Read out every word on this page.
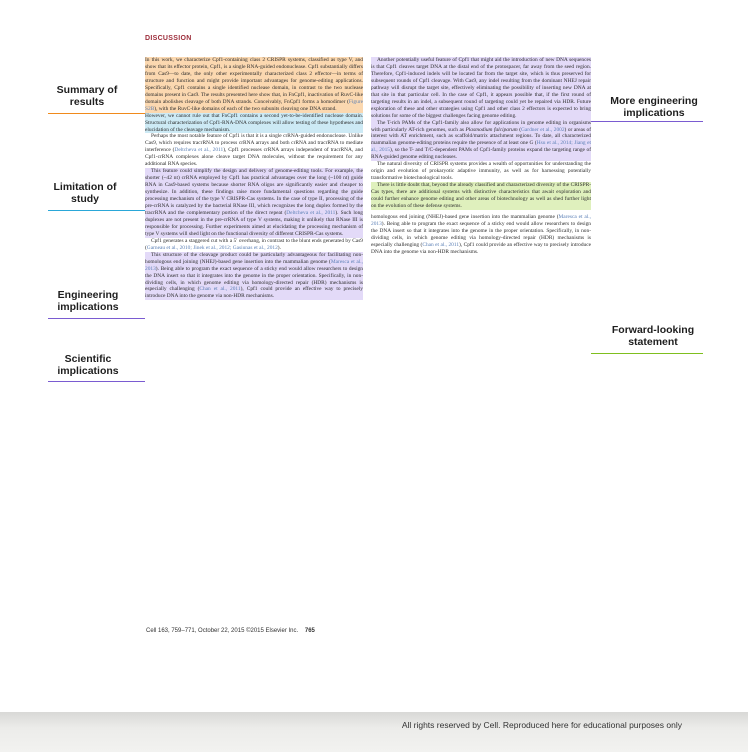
DISCUSSION

In this work, we characterize Cpf1-containing class 2 CRISPR systems, classified as type V, and show that its effector protein, Cpf1, is a single RNA-guided endonuclease. Cpf1 substantially differs from Cas9—to date, the only other experimentally characterized class 2 effector—in terms of structure and function and might provide important advantages for genome-editing applications. Specifically, Cpf1 contains a single identified nuclease domain, in contrast to the two nuclease domains present in Cas9. The results presented here show that, in FnCpf1, inactivation of RuvC-like domain abolishes cleavage of both DNA strands. Conceivably, FnCpf1 forms a homodimer (Figure S2B), with the RuvC-like domains of each of the two subunits cleaving one DNA strand.
However, we cannot rule out that FnCpf1 contains a second yet-to-be-identified nuclease domain. Structural characterization of Cpf1-RNA-DNA complexes will allow testing of these hypotheses and elucidation of the cleavage mechanism.

Perhaps the most notable feature of Cpf1 is that it is a single crRNA-guided endonuclease. Unlike Cas9, which requires tracrRNA to process crRNA arrays and both crRNA and tracrRNA to mediate interference (Deltcheva et al., 2011), Cpf1 processes crRNA arrays independent of tracrRNA, and Cpf1-crRNA complexes alone cleave target DNA molecules, without the requirement for any additional RNA species.
This feature could simplify the design and delivery of genome-editing tools. For example, the shorter (~42 nt) crRNA employed by Cpf1 has practical advantages over the long (~100 nt) guide RNA in Cas9-based systems because shorter RNA oligos are significantly easier and cheaper to synthesize. In addition, these findings raise more fundamental questions regarding the guide processing mechanism of the type V CRISPR-Cas systems. In the case of type II, processing of the pre-crRNA is catalyzed by the bacterial RNase III, which recognizes the long duplex formed by the tracrRNA and the complementary portion of the direct repeat (Deltcheva et al., 2011). Such long duplexes are not present in the pre-crRNA of type V systems, making it unlikely that RNase III is responsible for processing. Further experiments aimed at elucidating the processing mechanism of type V systems will shed light on the functional diversity of different CRISPR-Cas systems.

Cpf1 generates a staggered cut with a 5′ overhang, in contrast to the blunt ends generated by Cas9 (Garneau et al., 2010; Jinek et al., 2012; Gasiunas et al., 2012).
This structure of the cleavage product could be particularly advantageous for facilitating non-homologous end joining (NHEJ)-based gene insertion into the mammalian genome (Maresca et al., 2013). Being able to program the exact sequence of a sticky end would allow researchers to design the DNA insert so that it integrates into the genome in the proper orientation. Specifically, in non-dividing cells, in which genome editing via homology-directed repair (HDR) mechanisms is especially challenging (Chan et al., 2011), Cpf1 could provide an effective way to precisely introduce DNA into the genome via non-HDR mechanisms.

Another potentially useful feature of Cpf1 that might aid the introduction of new DNA sequences is that Cpf1 cleaves target DNA at the distal end of the protospacer, far away from the seed region. Therefore, Cpf1-induced indels will be located far from the target site, which is thus preserved for subsequent rounds of Cpf1 cleavage. With Cas9, any indel resulting from the dominant NHEJ repair pathway will disrupt the target site, effectively eliminating the possibility of inserting new DNA at that site in that particular cell. In the case of Cpf1, it appears possible that, if the first round of targeting results in an indel, a subsequent round of targeting could yet be repaired via HDR. Future exploration of these and other strategies using Cpf1 and other class 2 effectors is expected to bring solutions for some of the biggest challenges facing genome editing.

The T-rich PAMs of the Cpf1-family also allow for applications in genome editing in organisms with particularly AT-rich genomes, such as Plasmodium falciparum (Gardner et al., 2002) or areas of interest with AT enrichment, such as scaffold/matrix attachment regions. To date, all characterized mammalian genome-editing proteins require the presence of at least one G (Hsu et al., 2014; Jiang et al., 2015), so the T- and T/C-dependent PAMs of Cpf1-family proteins expand the targeting range of RNA-guided genome editing nucleases.

The natural diversity of CRISPR systems provides a wealth of opportunities for understanding the origin and evolution of prokaryotic adaptive immunity, as well as for harnessing potentially transformative biotechnological tools.
There is little doubt that, beyond the already classified and characterized diversity of the CRISPR-Cas types, there are additional systems with distinctive characteristics that await exploration and could further enhance genome editing and other areas of biotechnology as well as shed further light on the evolution of these defense systems.

homologous end joining (NHEJ)-based gene insertion into the mammalian genome (Maresca et al., 2013). Being able to program the exact sequence of a sticky end would allow researchers to design the DNA insert so that it integrates into the genome in the proper orientation. Specifically, in non-dividing cells, in which genome editing via homology-directed repair (HDR) mechanisms is especially challenging (Chan et al., 2011), Cpf1 could provide an effective way to precisely introduce DNA into the genome via non-HDR mechanisms.

Summary of results
Limitation of study
Engineering implications
Scientific implications
More engineering implications
Forward-looking statement
Cell 163, 759–771, October 22, 2015 ©2015 Elsevier Inc. 765
All rights reserved by Cell. Reproduced here for educational purposes only
